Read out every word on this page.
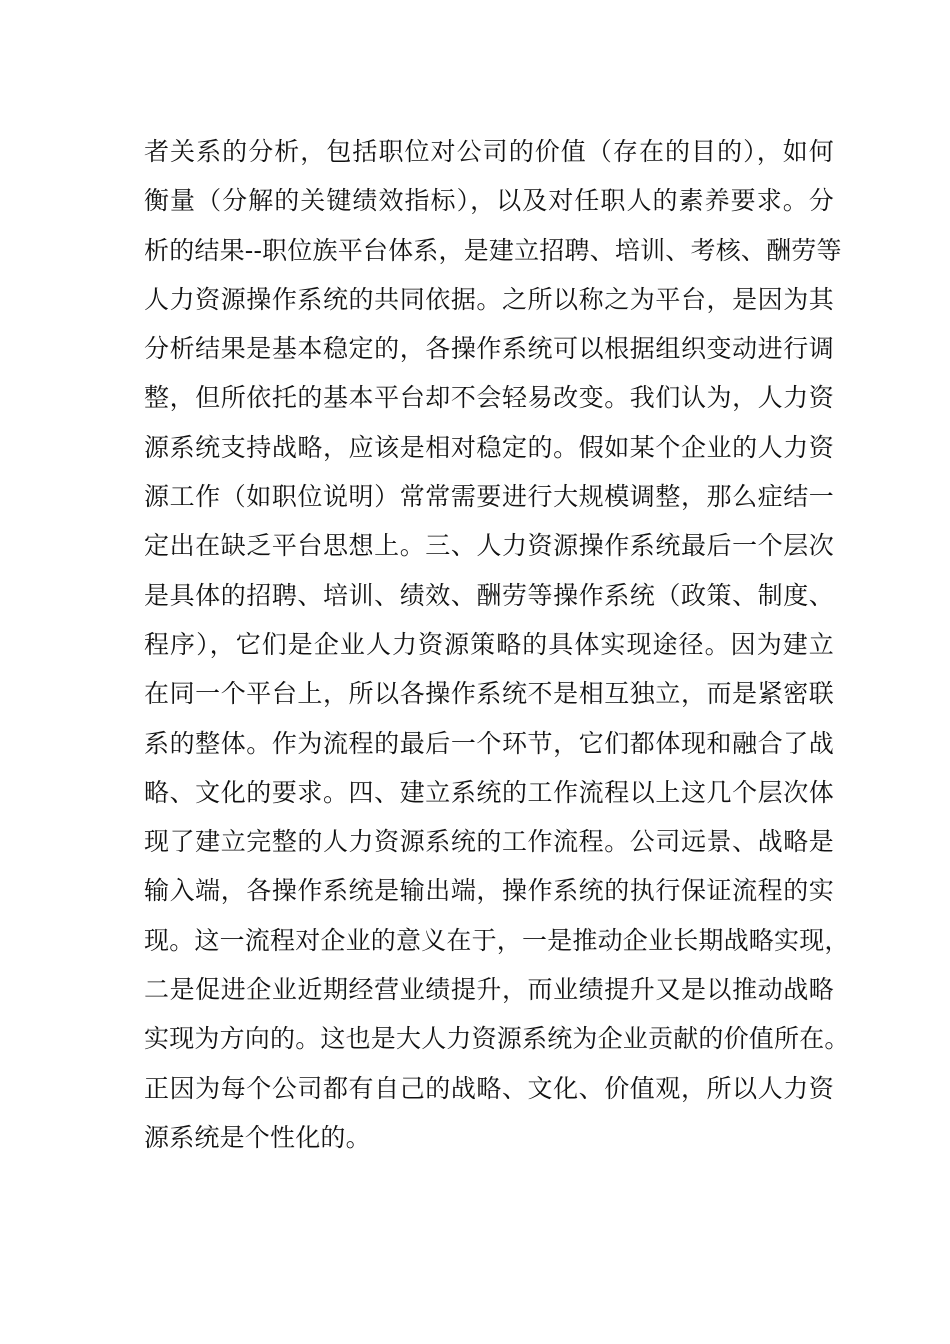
者关系的分析，包括职位对公司的价值（存在的目的），如何
衡量（分解的关键绩效指标），以及对任职人的素养要求。分
析的结果--职位族平台体系，是建立招聘、培训、考核、酬劳等
人力资源操作系统的共同依据。之所以称之为平台，是因为其
分析结果是基本稳定的，各操作系统可以根据组织变动进行调
整，但所依托的基本平台却不会轻易改变。我们认为，人力资
源系统支持战略，应该是相对稳定的。假如某个企业的人力资
源工作（如职位说明）常常需要进行大规模调整，那么症结一
定出在缺乏平台思想上。三、人力资源操作系统最后一个层次
是具体的招聘、培训、绩效、酬劳等操作系统（政策、制度、
程序），它们是企业人力资源策略的具体实现途径。因为建立
在同一个平台上，所以各操作系统不是相互独立，而是紧密联
系的整体。作为流程的最后一个环节，它们都体现和融合了战
略、文化的要求。四、建立系统的工作流程以上这几个层次体
现了建立完整的人力资源系统的工作流程。公司远景、战略是
输入端，各操作系统是输出端，操作系统的执行保证流程的实
现。这一流程对企业的意义在于，一是推动企业长期战略实现，
二是促进企业近期经营业绩提升，而业绩提升又是以推动战略
实现为方向的。这也是大人力资源系统为企业贡献的价值所在。
正因为每个公司都有自己的战略、文化、价值观，所以人力资
源系统是个性化的。
